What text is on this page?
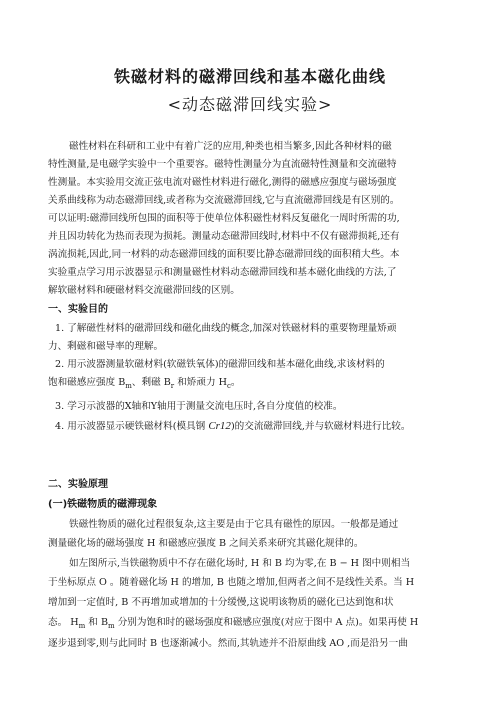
铁磁材料的磁滞回线和基本磁化曲线
<动态磁滞回线实验>
磁性材料在科研和工业中有着广泛的应用,种类也相当繁多,因此各种材料的磁
特性测量,是电磁学实验中一个重要容。磁特性测量分为直流磁特性测量和交流磁特
性测量。本实验用交流正弦电流对磁性材料进行磁化,测得的磁感应强度与磁场强度
关系曲线称为动态磁滞回线,或者称为交流磁滞回线,它与直流磁滞回线是有区别的。
可以证明:磁滞回线所包围的面积等于使单位体积磁性材料反复磁化一周时所需的功,
并且因功转化为热而表现为损耗。测量动态磁滞回线时,材料中不仅有磁滞损耗,还有
涡流损耗,因此,同一材料的动态磁滞回线的面积要比静态磁滞回线的面积稍大些。本
实验重点学习用示波器显示和测量磁性材料动态磁滞回线和基本磁化曲线的方法,了
解软磁材料和硬磁材料交流磁滞回线的区别。
一、实验目的
1. 了解磁性材料的磁滞回线和磁化曲线的概念,加深对铁磁材料的重要物理量矫顽
力、剩磁和磁导率的理解。
2. 用示波器测量软磁材料(软磁铁氧体)的磁滞回线和基本磁化曲线,求该材料的
饱和磁感应强度 $B_m$、剩磁 $B_r$ 和矫顽力 $H_c$。
3. 学习示波器的X轴和Y轴用于测量交流电压时,各自分度值的校准。
4. 用示波器显示硬铁磁材料(模具钢 Cr12)的交流磁滞回线,并与软磁材料进行比较。
二、实验原理
(一)铁磁物质的磁滞现象
铁磁性物质的磁化过程很复杂,这主要是由于它具有磁性的原因。一般都是通过
测量磁化场的磁场强度 H 和磁感应强度 B 之间关系来研究其磁化规律的。
如左图所示,当铁磁物质中不存在磁化场时, H 和 B 均为零,在 B − H 图中则相当
于坐标原点 O 。随着磁化场 H 的增加, B 也随之增加,但两者之间不是线性关系。当 H
增加到一定值时, B 不再增加或增加的十分缓慢,这说明该物质的磁化已达到饱和状
态。 $H_m$ 和 $B_m$ 分别为饱和时的磁场强度和磁感应强度(对应于图中 A 点)。如果再使 H
逐步退到零,则与此同时 B 也逐渐减小。然而,其轨迹并不沿原曲线 AO ,而是沿另一曲
